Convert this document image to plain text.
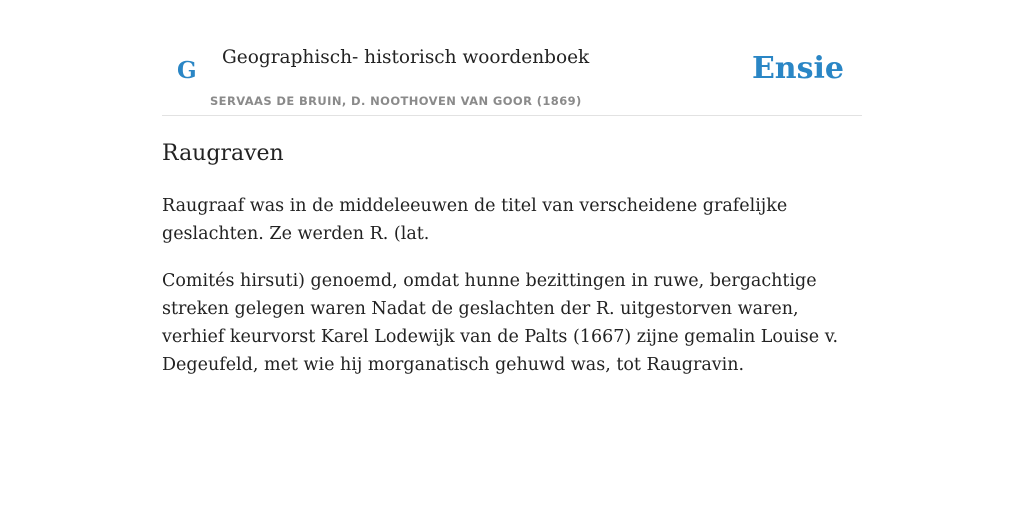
G Geographisch- historisch woordenboek
SERVAAS DE BRUIN, D. NOOTHOVEN VAN GOOR (1869)
Ensie
Raugraven

Raugraaf was in de middeleeuwen de titel van verscheidene grafelijke geslachten. Ze werden R. (lat.

Comités hirsuti) genoemd, omdat hunne bezittingen in ruwe, bergachtige streken gelegen waren Nadat de geslachten der R. uitgestorven waren, verhief keurvorst Karel Lodewijk van de Palts (1667) zijne gemalin Louise v. Degeufeld, met wie hij morganatisch gehuwd was, tot Raugravin.
